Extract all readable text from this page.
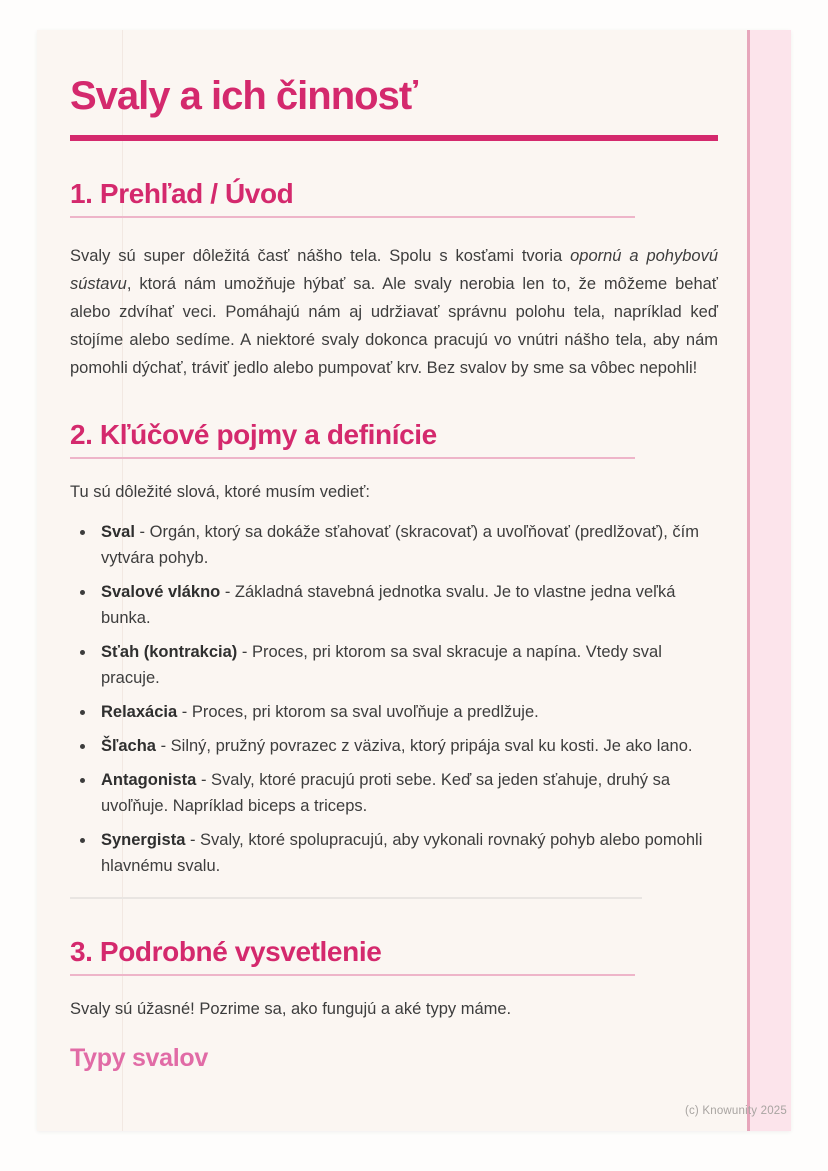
Svaly a ich činnosť
1. Prehľad / Úvod

Svaly sú super dôležitá časť nášho tela. Spolu s kosťami tvoria opornú a pohybovú sústavu, ktorá nám umožňuje hýbať sa. Ale svaly nerobia len to, že môžeme behať alebo zdvíhať veci. Pomáhajú nám aj udržiavať správnu polohu tela, napríklad keď stojíme alebo sedíme. A niektoré svaly dokonca pracujú vo vnútri nášho tela, aby nám pomohli dýchať, tráviť jedlo alebo pumpovať krv. Bez svalov by sme sa vôbec nepohli!

2. Kľúčové pojmy a definície

Tu sú dôležité slová, ktoré musím vedieť:

• Sval - Orgán, ktorý sa dokáže sťahovať (skracovať) a uvoľňovať (predlžovať), čím vytvára pohyb.
• Svalové vlákno - Základná stavebná jednotka svalu. Je to vlastne jedna veľká bunka.
• Sťah (kontrakcia) - Proces, pri ktorom sa sval skracuje a napína. Vtedy sval pracuje.
• Relaxácia - Proces, pri ktorom sa sval uvoľňuje a predlžuje.
• Šľacha - Silný, pružný povrazec z väziva, ktorý pripája sval ku kosti. Je ako lano.
• Antagonista - Svaly, ktoré pracujú proti sebe. Keď sa jeden sťahuje, druhý sa uvoľňuje. Napríklad biceps a triceps.
• Synergista - Svaly, ktoré spolupracujú, aby vykonali rovnaký pohyb alebo pomohli hlavnému svalu.
3. Podrobné vysvetlenie

Svaly sú úžasné! Pozrime sa, ako fungujú a aké typy máme.

Typy svalov
(c) Knowunity 2025
